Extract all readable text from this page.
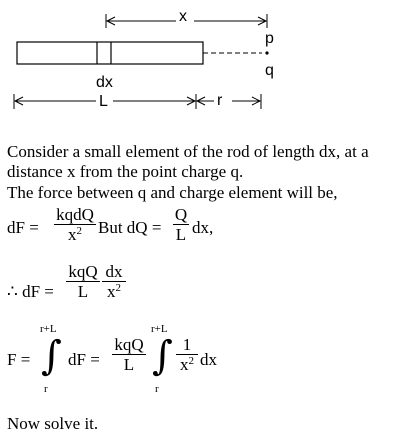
x
p
q
dx
L	r
Consider a small element of the rod of length dx, at a
distance x from the point charge q.
The force between q and charge element will be,
dF =
kqdQ
$x^2$ But dQ = $\frac{Q}{L}$ dx,
∴ dF =
kqQ
L $\frac{dx}{x^2}$
F =
r+L
∫
r
dF =
kqQ
L
r+L
∫
r
$\frac{1}{x^2}$ dx
Now solve it.
